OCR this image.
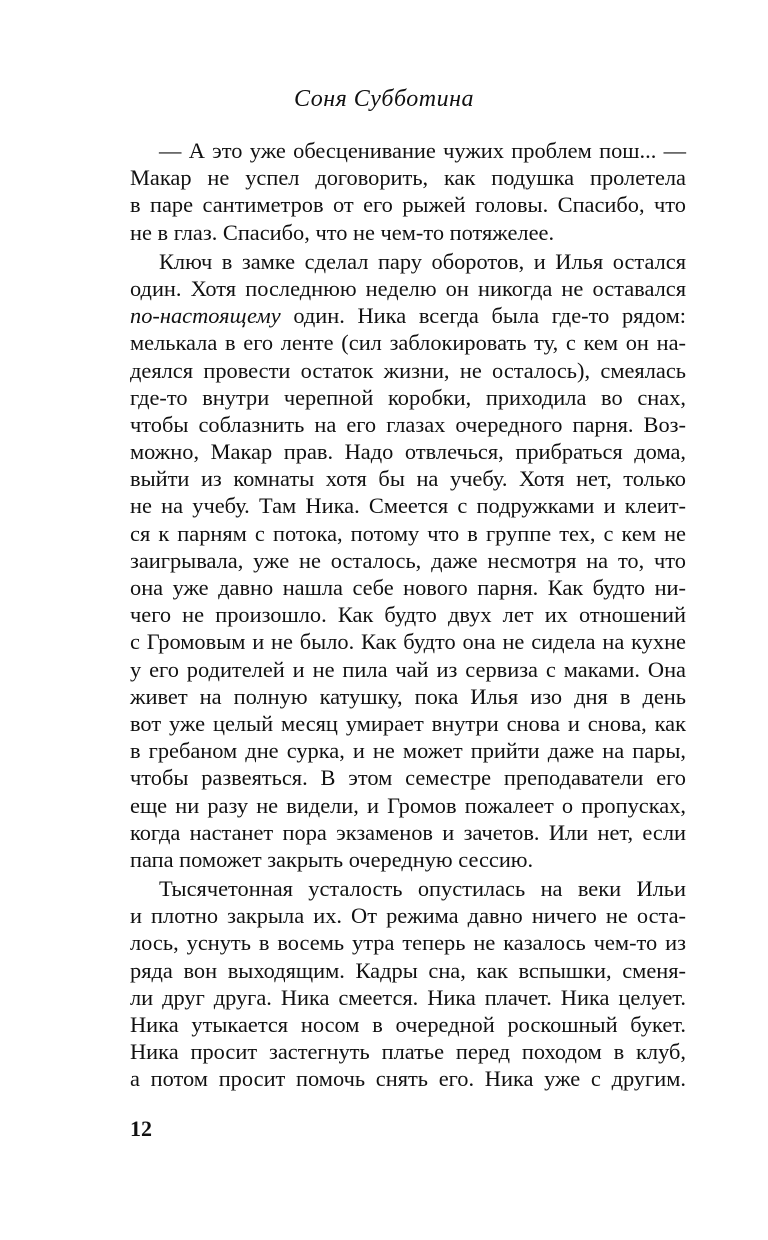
Соня Субботина
— А это уже обесценивание чужих проблем пош... —
Макар не успел договорить, как подушка пролетела
в паре сантиметров от его рыжей головы. Спасибо, что
не в глаз. Спасибо, что не чем-то потяжелее.
Ключ в замке сделал пару оборотов, и Илья остался
один. Хотя последнюю неделю он никогда не оставался
по-настоящему один. Ника всегда была где-то рядом:
мелькала в его ленте (сил заблокировать ту, с кем он на-
деялся провести остаток жизни, не осталось), смеялась
где-то внутри черепной коробки, приходила во снах,
чтобы соблазнить на его глазах очередного парня. Воз-
можно, Макар прав. Надо отвлечься, прибраться дома,
выйти из комнаты хотя бы на учебу. Хотя нет, только
не на учебу. Там Ника. Смеется с подружками и клеит-
ся к парням с потока, потому что в группе тех, с кем не
заигрывала, уже не осталось, даже несмотря на то, что
она уже давно нашла себе нового парня. Как будто ни-
чего не произошло. Как будто двух лет их отношений
с Громовым и не было. Как будто она не сидела на кухне
у его родителей и не пила чай из сервиза с маками. Она
живет на полную катушку, пока Илья изо дня в день
вот уже целый месяц умирает внутри снова и снова, как
в гребаном дне сурка, и не может прийти даже на пары,
чтобы развеяться. В этом семестре преподаватели его
еще ни разу не видели, и Громов пожалеет о пропусках,
когда настанет пора экзаменов и зачетов. Или нет, если
папа поможет закрыть очередную сессию.
Тысячетонная усталость опустилась на веки Ильи
и плотно закрыла их. От режима давно ничего не оста-
лось, уснуть в восемь утра теперь не казалось чем-то из
ряда вон выходящим. Кадры сна, как вспышки, сменя-
ли друг друга. Ника смеется. Ника плачет. Ника целует.
Ника утыкается носом в очередной роскошный букет.
Ника просит застегнуть платье перед походом в клуб,
а потом просит помочь снять его. Ника уже с другим.
12
